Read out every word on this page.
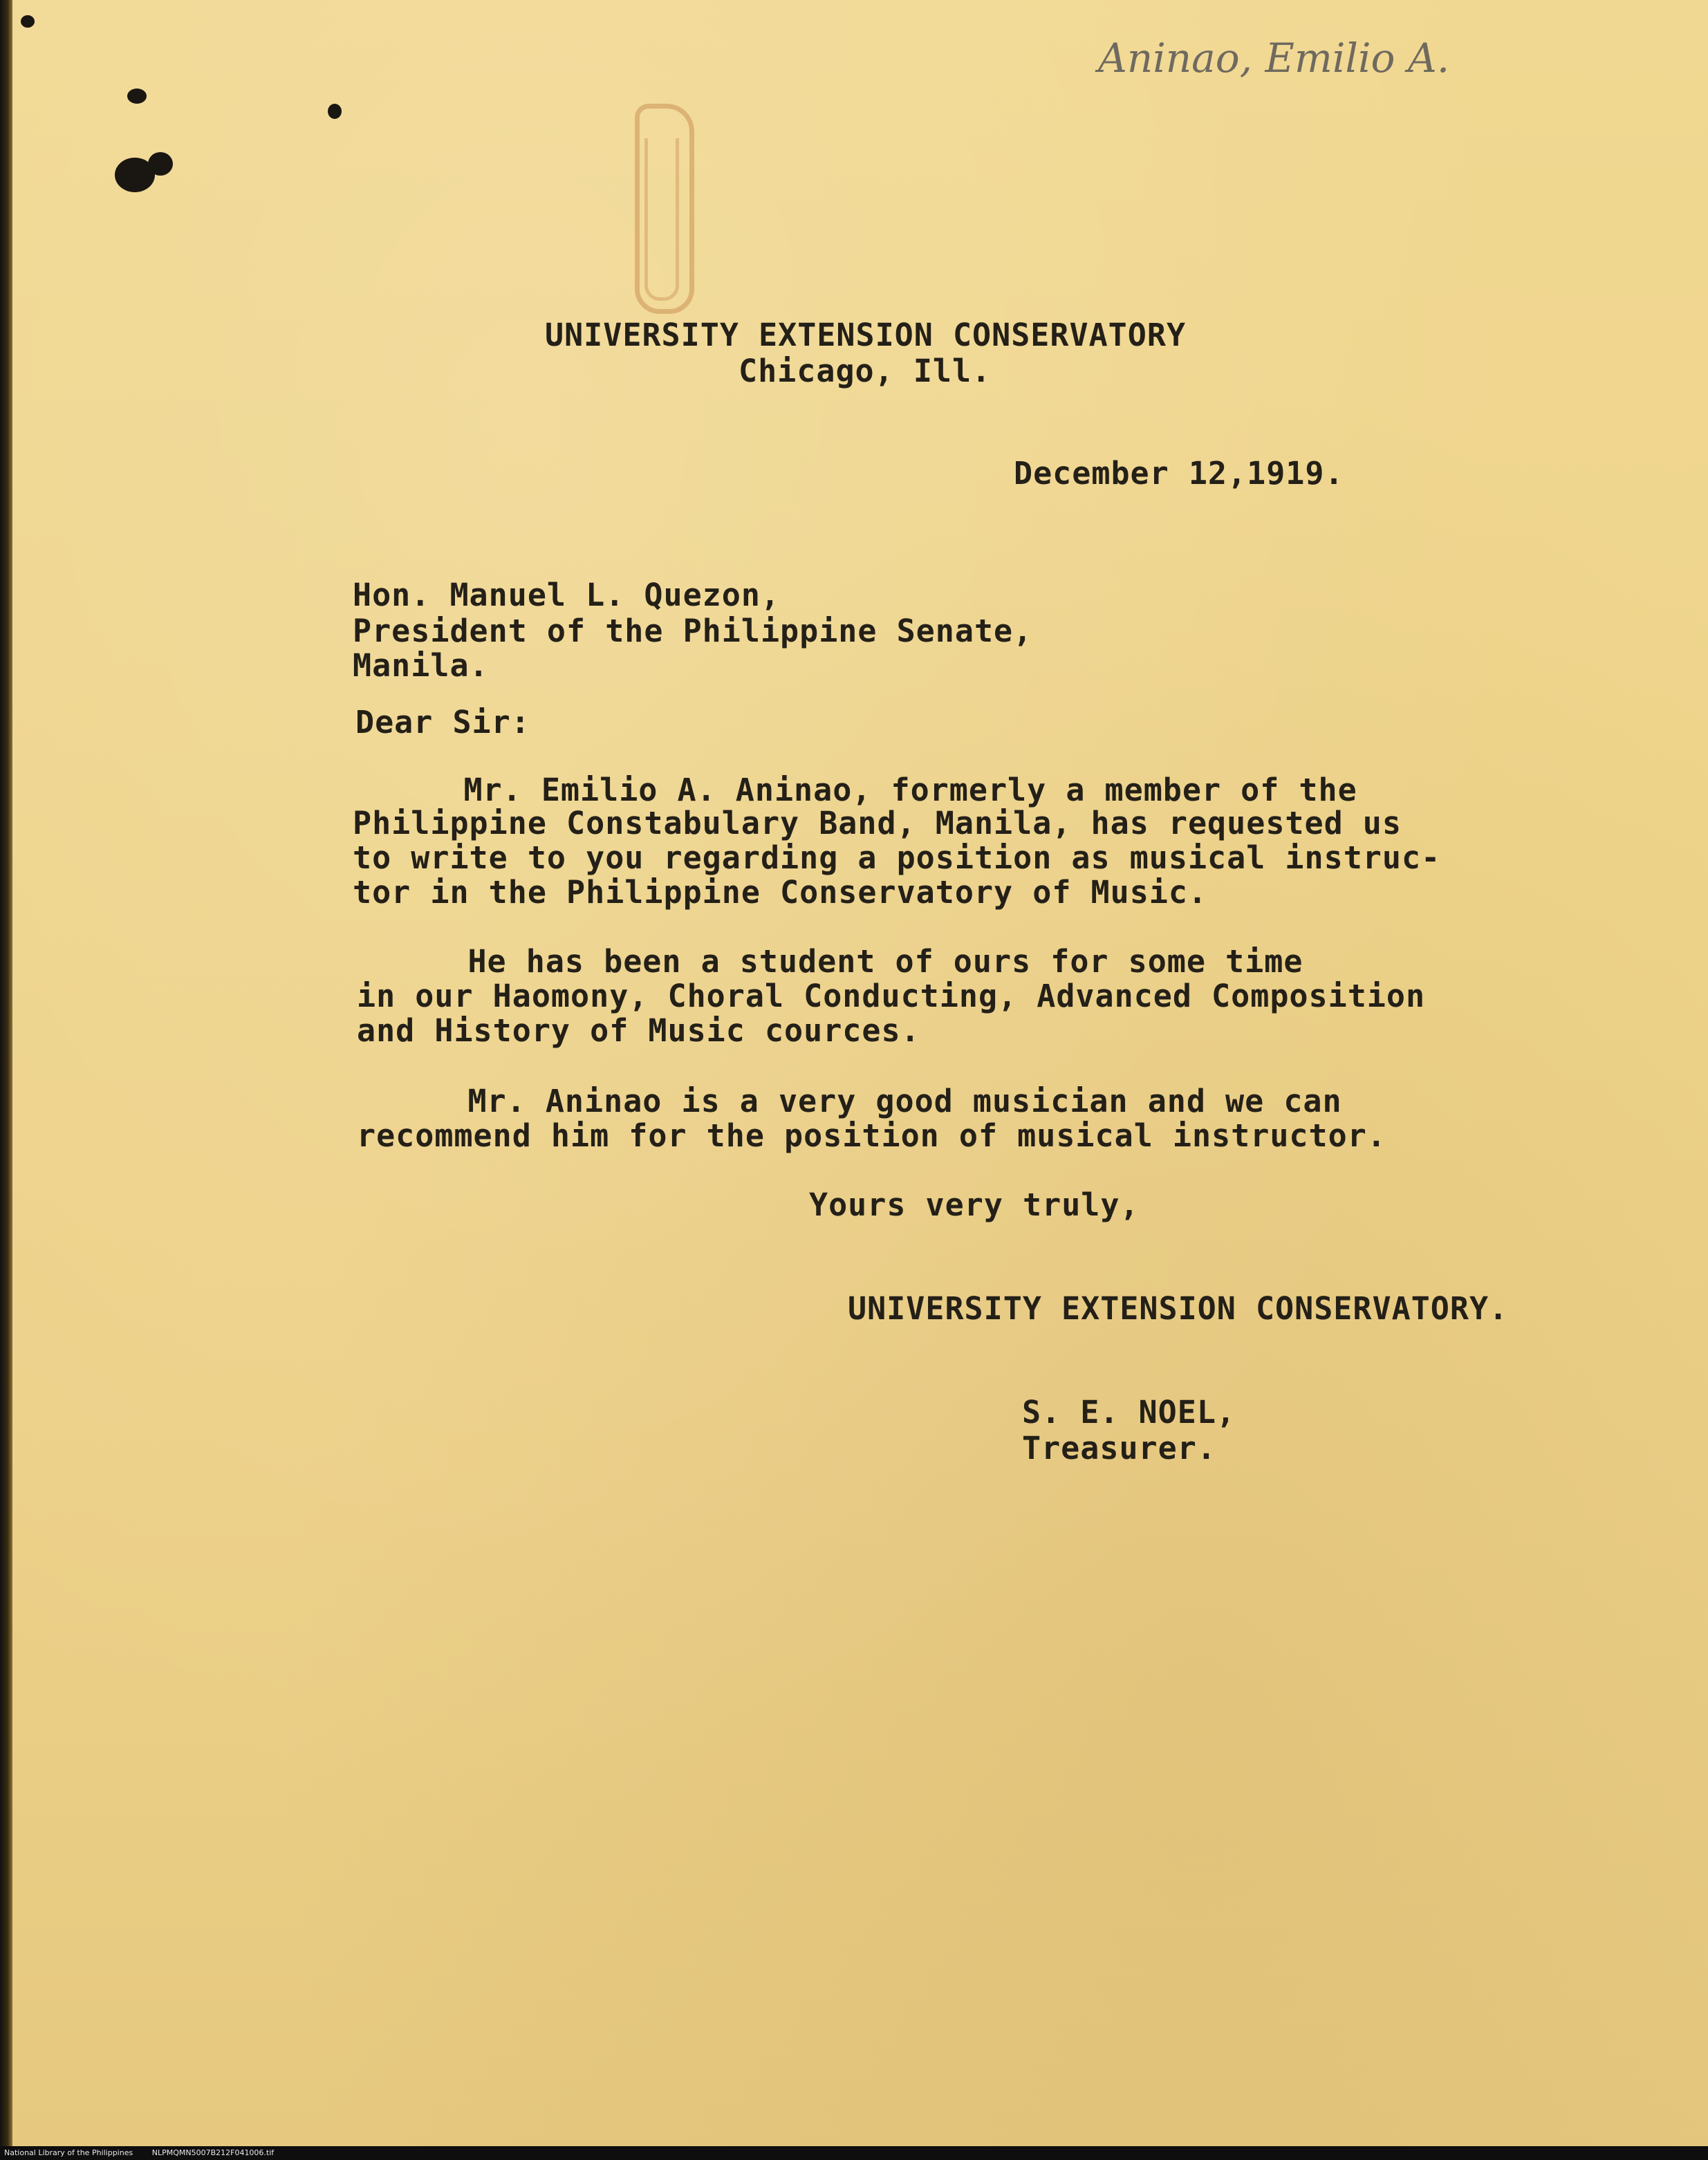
Aninao, Emilio A.
UNIVERSITY EXTENSION CONSERVATORY
Chicago, Ill.
December 12,1919.
Hon. Manuel L. Quezon,
President of the Philippine Senate,
Manila.
Dear Sir:
Mr. Emilio A. Aninao, formerly a member of the
Philippine Constabulary Band, Manila, has requested us
to write to you regarding a position as musical instruc-
tor in the Philippine Conservatory of Music.
He has been a student of ours for some time
in our Haomony, Choral Conducting, Advanced Composition
and History of Music cources.
Mr. Aninao is a very good musician and we can
recommend him for the position of musical instructor.
Yours very truly,
UNIVERSITY EXTENSION CONSERVATORY.
S. E. NOEL,
Treasurer.
National Library of the Philippines	NLPMQMN5007B212F041006.tif
